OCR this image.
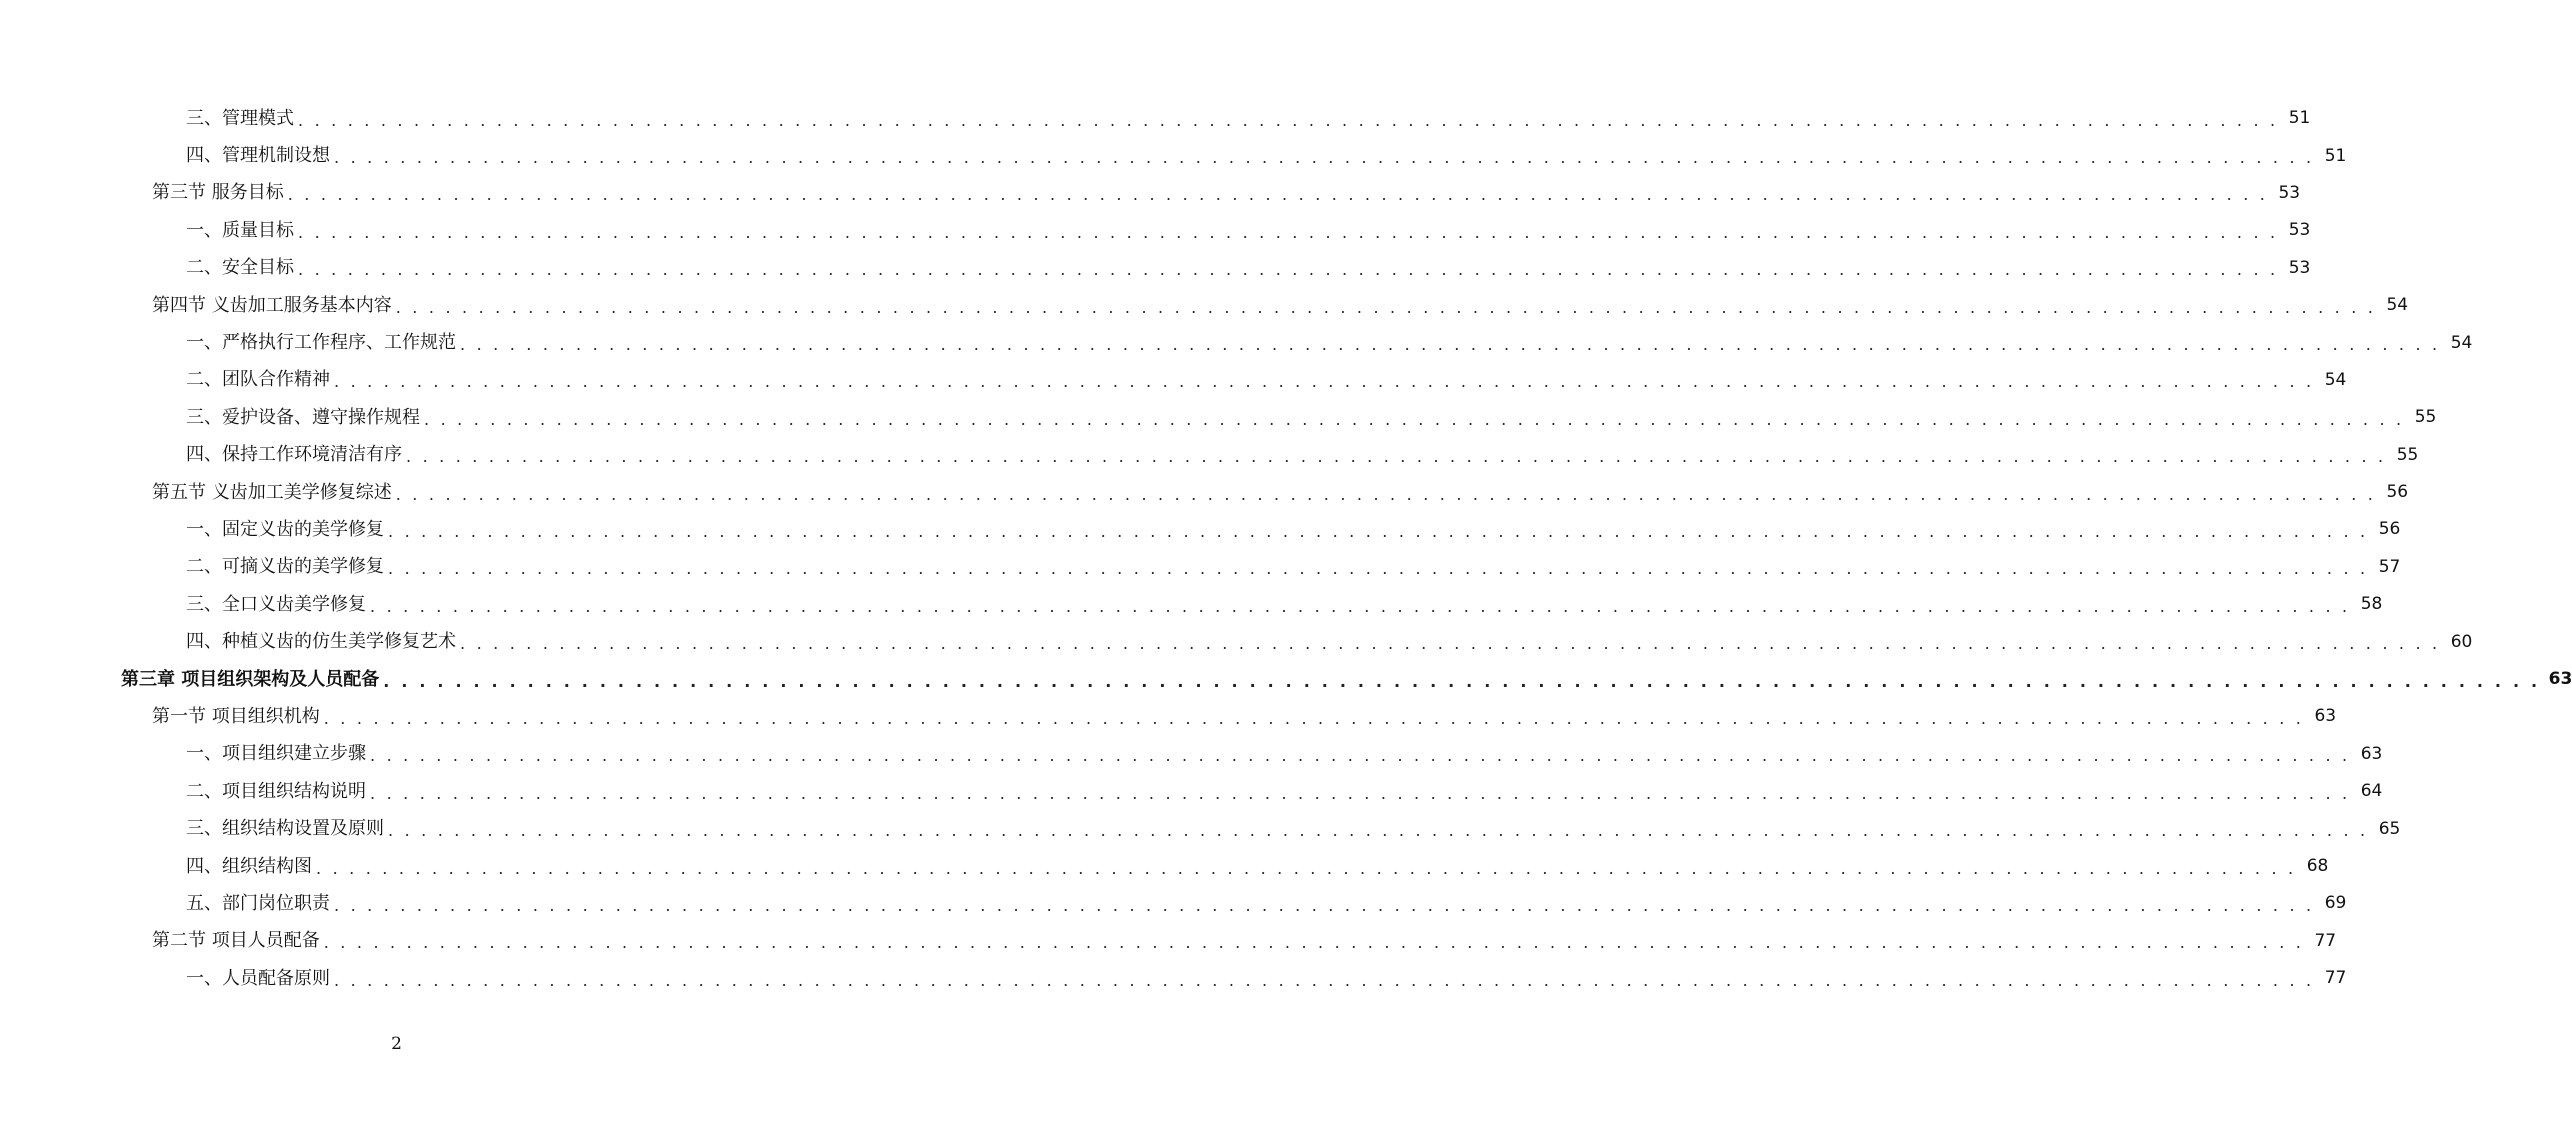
三、管理模式 . . . . . . . . . . . . . . . . . . . . . . . . . . . . . . . . . . . . . . . . . . . . . . . . . . . . . . . . . . . . . . . . . . . . . . . . . . . . . . . . . . . . . . . . . . . . . . . . . . . . . . . . . . . . . . . . . . . . . . . . 51
四、管理机制设想 . . . . . . . . . . . . . . . . . . . . . . . . . . . . . . . . . . . . . . . . . . . . . . . . . . . . . . . . . . . . . . . . . . . . . . . . . . . . . . . . . . . . . . . . . . . . . . . . . . . . . . . . . . . . . . . . . . . . . . . . 51
第三节 服务目标 . . . . . . . . . . . . . . . . . . . . . . . . . . . . . . . . . . . . . . . . . . . . . . . . . . . . . . . . . . . . . . . . . . . . . . . . . . . . . . . . . . . . . . . . . . . . . . . . . . . . . . . . . . . . . . . . . . . . . . . . 53
一、质量目标 . . . . . . . . . . . . . . . . . . . . . . . . . . . . . . . . . . . . . . . . . . . . . . . . . . . . . . . . . . . . . . . . . . . . . . . . . . . . . . . . . . . . . . . . . . . . . . . . . . . . . . . . . . . . . . . . . . . . . . . . 53
二、安全目标 . . . . . . . . . . . . . . . . . . . . . . . . . . . . . . . . . . . . . . . . . . . . . . . . . . . . . . . . . . . . . . . . . . . . . . . . . . . . . . . . . . . . . . . . . . . . . . . . . . . . . . . . . . . . . . . . . . . . . . . . 53
第四节 义齿加工服务基本内容 . . . . . . . . . . . . . . . . . . . . . . . . . . . . . . . . . . . . . . . . . . . . . . . . . . . . . . . . . . . . . . . . . . . . . . . . . . . . . . . . . . . . . . . . . . . . . . . . . . . . . . . . . . . . . . . . . . . . . . . . 54
一、严格执行工作程序、工作规范 . . . . . . . . . . . . . . . . . . . . . . . . . . . . . . . . . . . . . . . . . . . . . . . . . . . . . . . . . . . . . . . . . . . . . . . . . . . . . . . . . . . . . . . . . . . . . . . . . . . . . . . . . . . . . . . . . . . . . . . . 54
二、团队合作精神 . . . . . . . . . . . . . . . . . . . . . . . . . . . . . . . . . . . . . . . . . . . . . . . . . . . . . . . . . . . . . . . . . . . . . . . . . . . . . . . . . . . . . . . . . . . . . . . . . . . . . . . . . . . . . . . . . . . . . . . . 54
三、爱护设备、遵守操作规程 . . . . . . . . . . . . . . . . . . . . . . . . . . . . . . . . . . . . . . . . . . . . . . . . . . . . . . . . . . . . . . . . . . . . . . . . . . . . . . . . . . . . . . . . . . . . . . . . . . . . . . . . . . . . . . . . . . . . . . . . 55
四、保持工作环境清洁有序 . . . . . . . . . . . . . . . . . . . . . . . . . . . . . . . . . . . . . . . . . . . . . . . . . . . . . . . . . . . . . . . . . . . . . . . . . . . . . . . . . . . . . . . . . . . . . . . . . . . . . . . . . . . . . . . . . . . . . . . . 55
第五节 义齿加工美学修复综述 . . . . . . . . . . . . . . . . . . . . . . . . . . . . . . . . . . . . . . . . . . . . . . . . . . . . . . . . . . . . . . . . . . . . . . . . . . . . . . . . . . . . . . . . . . . . . . . . . . . . . . . . . . . . . . . . . . . . . . . . 56
一、固定义齿的美学修复 . . . . . . . . . . . . . . . . . . . . . . . . . . . . . . . . . . . . . . . . . . . . . . . . . . . . . . . . . . . . . . . . . . . . . . . . . . . . . . . . . . . . . . . . . . . . . . . . . . . . . . . . . . . . . . . . . . . . . . . . 56
二、可摘义齿的美学修复 . . . . . . . . . . . . . . . . . . . . . . . . . . . . . . . . . . . . . . . . . . . . . . . . . . . . . . . . . . . . . . . . . . . . . . . . . . . . . . . . . . . . . . . . . . . . . . . . . . . . . . . . . . . . . . . . . . . . . . . . 57
三、全口义齿美学修复 . . . . . . . . . . . . . . . . . . . . . . . . . . . . . . . . . . . . . . . . . . . . . . . . . . . . . . . . . . . . . . . . . . . . . . . . . . . . . . . . . . . . . . . . . . . . . . . . . . . . . . . . . . . . . . . . . . . . . . . . 58
四、种植义齿的仿生美学修复艺术 . . . . . . . . . . . . . . . . . . . . . . . . . . . . . . . . . . . . . . . . . . . . . . . . . . . . . . . . . . . . . . . . . . . . . . . . . . . . . . . . . . . . . . . . . . . . . . . . . . . . . . . . . . . . . . . . . . . . . . . . 60
第三章 项目组织架构及人员配备 . . . . . . . . . . . . . . . . . . . . . . . . . . . . . . . . . . . . . . . . . . . . . . . . . . . . . . . . . . . . . . . . . . . . . . . . . . . . . . . . . . . . . . . . . . . . . . . . . . . . . . . . . . . . . . . . . . . . . . . . 63
第一节 项目组织机构 . . . . . . . . . . . . . . . . . . . . . . . . . . . . . . . . . . . . . . . . . . . . . . . . . . . . . . . . . . . . . . . . . . . . . . . . . . . . . . . . . . . . . . . . . . . . . . . . . . . . . . . . . . . . . . . . . . . . . . . . 63
一、项目组织建立步骤 . . . . . . . . . . . . . . . . . . . . . . . . . . . . . . . . . . . . . . . . . . . . . . . . . . . . . . . . . . . . . . . . . . . . . . . . . . . . . . . . . . . . . . . . . . . . . . . . . . . . . . . . . . . . . . . . . . . . . . . . 63
二、项目组织结构说明 . . . . . . . . . . . . . . . . . . . . . . . . . . . . . . . . . . . . . . . . . . . . . . . . . . . . . . . . . . . . . . . . . . . . . . . . . . . . . . . . . . . . . . . . . . . . . . . . . . . . . . . . . . . . . . . . . . . . . . . . 64
三、组织结构设置及原则 . . . . . . . . . . . . . . . . . . . . . . . . . . . . . . . . . . . . . . . . . . . . . . . . . . . . . . . . . . . . . . . . . . . . . . . . . . . . . . . . . . . . . . . . . . . . . . . . . . . . . . . . . . . . . . . . . . . . . . . . 65
四、组织结构图 . . . . . . . . . . . . . . . . . . . . . . . . . . . . . . . . . . . . . . . . . . . . . . . . . . . . . . . . . . . . . . . . . . . . . . . . . . . . . . . . . . . . . . . . . . . . . . . . . . . . . . . . . . . . . . . . . . . . . . . . 68
五、部门岗位职责 . . . . . . . . . . . . . . . . . . . . . . . . . . . . . . . . . . . . . . . . . . . . . . . . . . . . . . . . . . . . . . . . . . . . . . . . . . . . . . . . . . . . . . . . . . . . . . . . . . . . . . . . . . . . . . . . . . . . . . . . 69
第二节 项目人员配备 . . . . . . . . . . . . . . . . . . . . . . . . . . . . . . . . . . . . . . . . . . . . . . . . . . . . . . . . . . . . . . . . . . . . . . . . . . . . . . . . . . . . . . . . . . . . . . . . . . . . . . . . . . . . . . . . . . . . . . . . 77
一、人员配备原则 . . . . . . . . . . . . . . . . . . . . . . . . . . . . . . . . . . . . . . . . . . . . . . . . . . . . . . . . . . . . . . . . . . . . . . . . . . . . . . . . . . . . . . . . . . . . . . . . . . . . . . . . . . . . . . . . . . . . . . . . 77
2
